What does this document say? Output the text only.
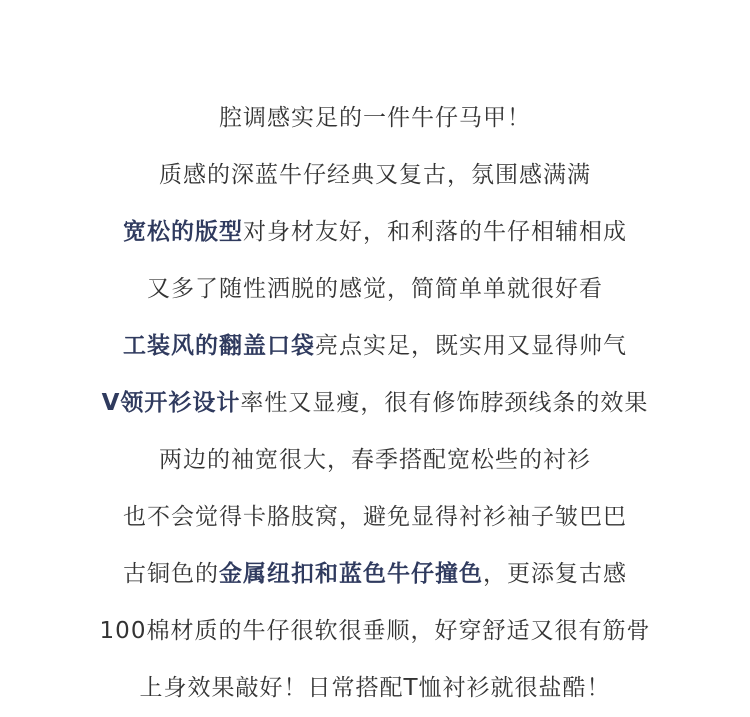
腔调感实足的一件牛仔马甲！
质感的深蓝牛仔经典又复古，氛围感满满
宽松的版型对身材友好，和利落的牛仔相辅相成
又多了随性洒脱的感觉，简简单单就很好看
工装风的翻盖口袋亮点实足，既实用又显得帅气
V领开衫设计率性又显瘦，很有修饰脖颈线条的效果
两边的袖宽很大，春季搭配宽松些的衬衫
也不会觉得卡胳肢窝，避免显得衬衫袖子皱巴巴
古铜色的金属纽扣和蓝色牛仔撞色，更添复古感
100棉材质的牛仔很软很垂顺，好穿舒适又很有筋骨
上身效果敲好！日常搭配T恤衬衫就很盐酷！
